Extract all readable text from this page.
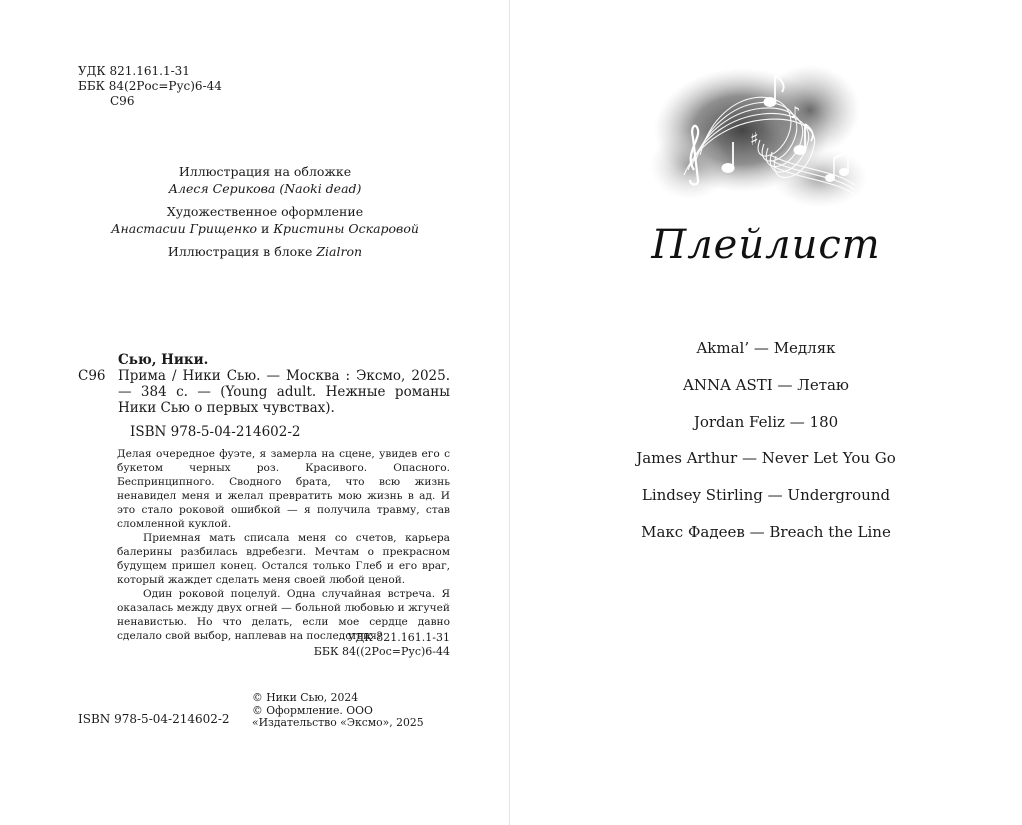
УДК 821.161.1-31
ББК 84(2Рос=Рус)6-44
С96
Иллюстрация на обложке
Алеся Серикова (Naoki dead)
Художественное оформление
Анастасии Грищенко и Кристины Оскаровой
Иллюстрация в блоке Zialron
Сью, Ники.
С96 Прима / Ники Сью. — Москва : Эксмо, 2025. — 384 с. — (Young adult. Нежные романы Ники Сью о первых чувствах).
ISBN 978-5-04-214602-2

Делая очередное фуэте, я замерла на сцене, увидев его с букетом черных роз. Красивого. Опасного. Беспринципного. Сводного брата, что всю жизнь ненавидел меня и желал превратить мою жизнь в ад. И это стало роковой ошибкой — я получила травму, став сломленной куклой.

Приемная мать списала меня со счетов, карьера балерины разбилась вдребезги. Мечтам о прекрасном будущем пришел конец. Остался только Глеб и его враг, который жаждет сделать меня своей любой ценой.

Один роковой поцелуй. Одна случайная встреча. Я оказалась между двух огней — больной любовью и жгучей ненавистью. Но что делать, если мое сердце давно сделало свой выбор, наплевав на последствия?

УДК 821.161.1-31
ББК 84((2Рос=Рус)6-44
© Ники Сью, 2024
© Оформление. ООО «Издательство «Эксмо», 2025
ISBN 978-5-04-214602-2
♯
♪
Плейлист
Akmal’ — Медляк
ANNA ASTI — Летаю
Jordan Feliz — 180
James Arthur — Never Let You Go
Lindsey Stirling — Underground
Макс Фадеев — Breach the Line
